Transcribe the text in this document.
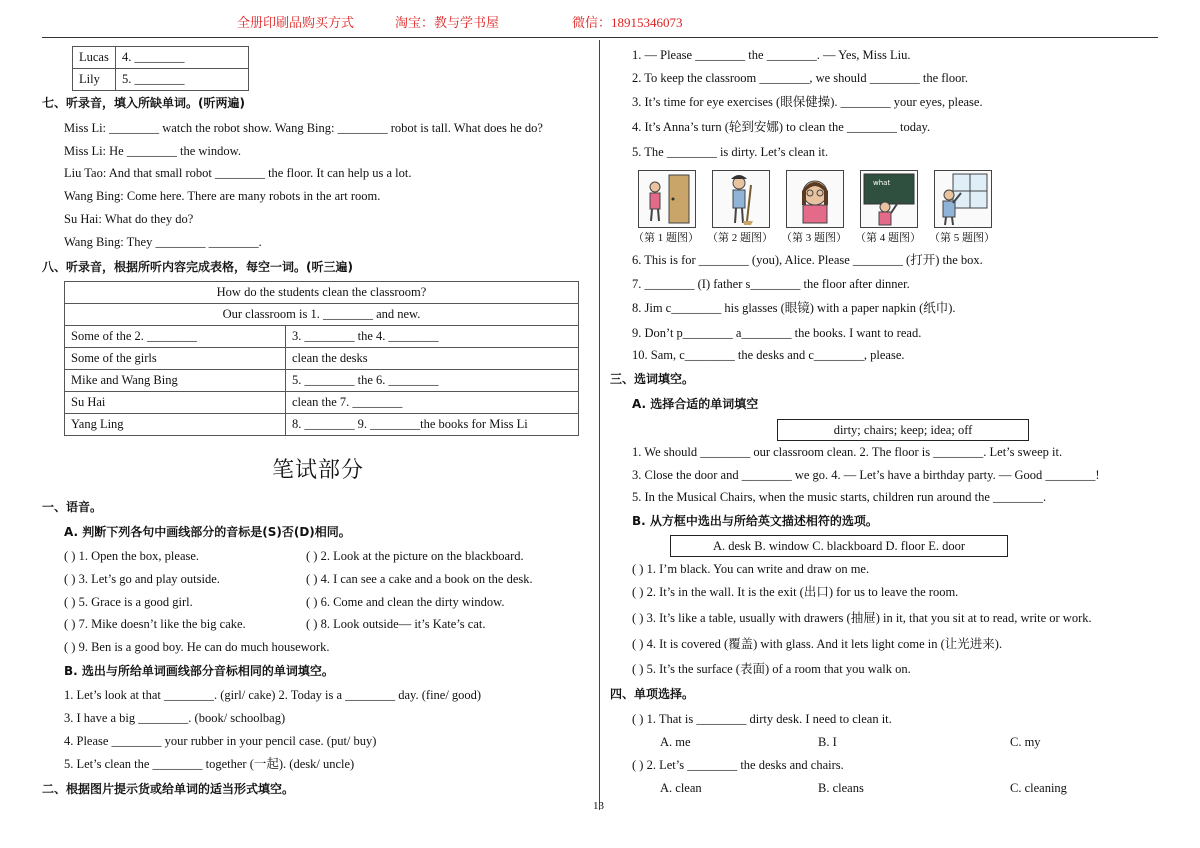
全册印刷品购买方式	淘宝：教与学书屋	微信：18915346073
Lucas	4. ________
Lily	5. ________
七、听录音，填入所缺单词。(听两遍)
Miss Li: ________ watch the robot show. Wang Bing: ________ robot is tall. What does he do?
Miss Li: He ________ the window.
Liu Tao: And that small robot ________ the floor. It can help us a lot.
Wang Bing: Come here. There are many robots in the art room.
Su Hai: What do they do?
Wang Bing: They ________ ________.
八、听录音，根据所听内容完成表格，每空一词。(听三遍)
How do the students clean the classroom?	
Our classroom is 1. ________ and new.	
Some of the 2. ________	3. ________ the 4. ________
Some of the girls	clean the desks
Mike and Wang Bing	5. ________ the 6. ________
Su Hai	clean the 7. ________
Yang Ling	8. ________ 9. ________the books for Miss Li
笔试部分
一、语音。
A. 判断下列各句中画线部分的音标是(S)否(D)相同。
( ) 1. Open the box, please.	( ) 2. Look at the picture on the blackboard.
( ) 3. Let’s go and play outside.	( ) 4. I can see a cake and a book on the desk.
( ) 5. Grace is a good girl.	( ) 6. Come and clean the dirty window.
( ) 7. Mike doesn’t like the big cake.	( ) 8. Look outside— it’s Kate’s cat.
( ) 9. Ben is a good boy. He can do much housework.
B. 选出与所给单词画线部分音标相同的单词填空。
1. Let’s look at that ________. (girl/ cake) 2. Today is a ________ day. (fine/ good)
3. I have a big ________. (book/ schoolbag)
4. Please ________ your rubber in your pencil case. (put/ buy)
5. Let’s clean the ________ together (一起). (desk/ uncle)
二、根据图片提示货或给单词的适当形式填空。
1. — Please ________ the ________. — Yes, Miss Liu.
2. To keep the classroom ________, we should ________ the floor.
3. It’s time for eye exercises (眼保健操). ________ your eyes, please.
4. It’s Anna’s turn (轮到安娜) to clean the ________ today.
5. The ________ is dirty. Let’s clean it.
what
（第 1 题图） （第 2 题图） （第 3 题图） （第 4 题图） （第 5 题图）
6. This is for ________ (you), Alice. Please ________ (打开) the box.
7. ________ (I) father s________ the floor after dinner.
8. Jim c________ his glasses (眼镜) with a paper napkin (纸巾).
9. Don’t p________ a________ the books. I want to read.
10. Sam, c________ the desks and c________, please.
三、选词填空。
A. 选择合适的单词填空
dirty; chairs; keep; idea; off
1. We should ________ our classroom clean. 2. The floor is ________. Let’s sweep it.
3. Close the door and ________ we go. 4. — Let’s have a birthday party. — Good ________!
5. In the Musical Chairs, when the music starts, children run around the ________.
B. 从方框中选出与所给英文描述相符的选项。
A. desk B. window C. blackboard D. floor E. door
( ) 1. I’m black. You can write and draw on me.
( ) 2. It’s in the wall. It is the exit (出口) for us to leave the room.
( ) 3. It’s like a table, usually with drawers (抽屉) in it, that you sit at to read, write or work.
( ) 4. It is covered (覆盖) with glass. And it lets light come in (让光进来).
( ) 5. It’s the surface (表面) of a room that you walk on.
四、单项选择。
( ) 1. That is ________ dirty desk. I need to clean it.
A. me	B. I	C. my
( ) 2. Let’s ________ the desks and chairs.
A. clean	B. cleans	C. cleaning
13
